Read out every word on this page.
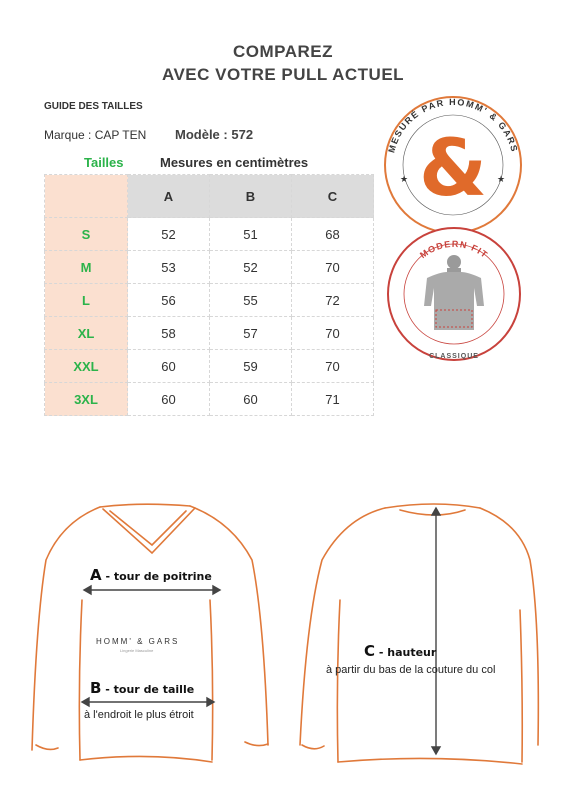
COMPAREZ
AVEC VOTRE PULL ACTUEL
GUIDE DES TAILLES
Marque : CAP TEN Modèle : 572
Tailles	Mesures en centimètres
	A	B	C
S	52	51	68
M	53	52	70
L	56	55	72
XL	58	57	70
XXL	60	59	70
3XL	60	60	71
MESURÉ PAR HOMM' & GARS
★	★
&
MODERN FIT
CLASSIQUE
A - tour de poitrine
HOMM' & GARS
Lingerie Masculine
B - tour de taille
à l'endroit le plus étroit
C - hauteur
à partir du bas de la couture du col
